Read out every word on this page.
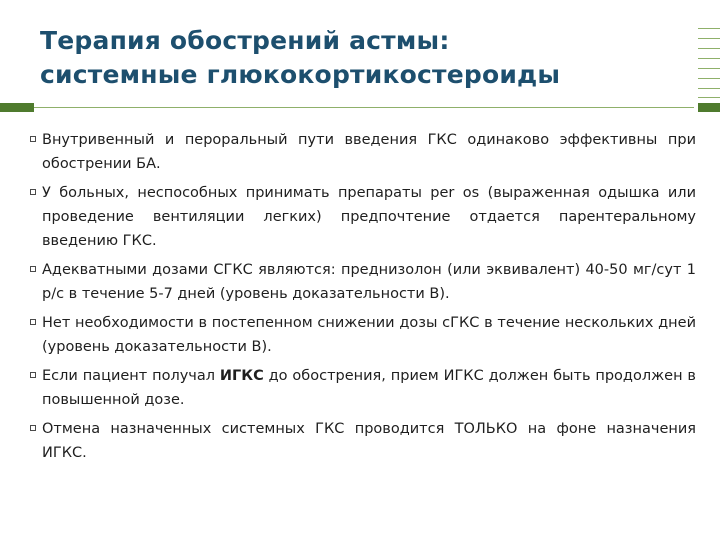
Терапия обострений астмы:
системные глюкокортикостероиды
Внутривенный и пероральный пути введения ГКС одинаково эффективны при обострении БА.
У больных, неспособных принимать препараты per os (выраженная одышка или проведение вентиляции легких) предпочтение отдается парентеральному введению ГКС.
Адекватными дозами СГКС являются: преднизолон (или эквивалент) 40-50 мг/сут 1 р/с в течение 5-7 дней (уровень доказательности В).
Нет необходимости в постепенном снижении дозы сГКС в течение нескольких дней (уровень доказательности В).
Если пациент получал ИГКС до обострения, прием ИГКС должен быть продолжен в повышенной дозе.
Отмена назначенных системных ГКС проводится ТОЛЬКО на фоне назначения ИГКС.
